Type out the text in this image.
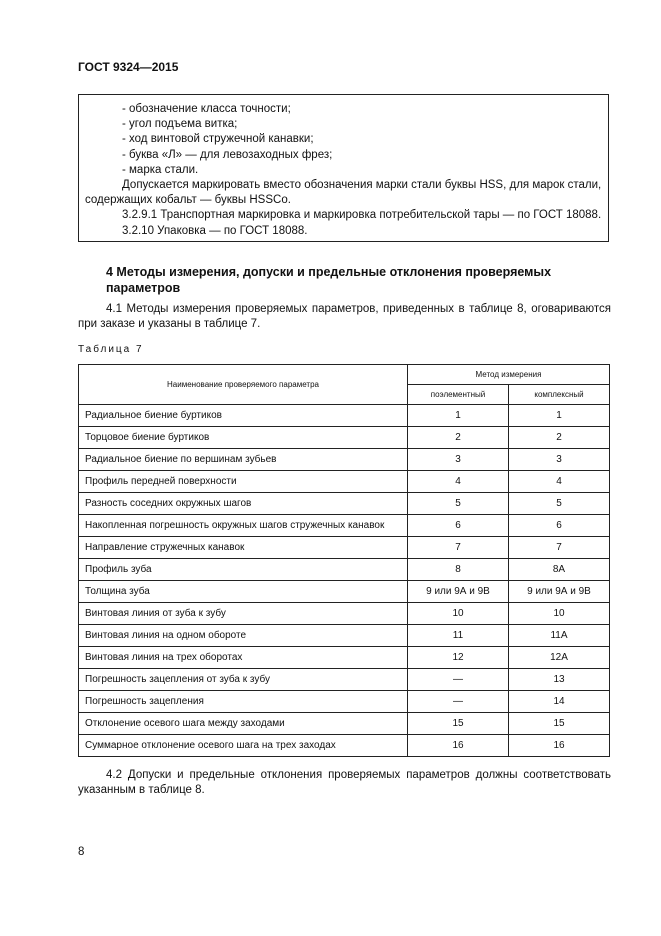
ГОСТ 9324—2015
- обозначение класса точности;
- угол подъема витка;
- ход винтовой стружечной канавки;
- буква «Л» — для левозаходных фрез;
- марка стали.
Допускается маркировать вместо обозначения марки стали буквы HSS, для марок стали, содержащих кобальт — буквы HSSCo.
3.2.9.1 Транспортная маркировка и маркировка потребительской тары — по ГОСТ 18088.
3.2.10 Упаковка — по ГОСТ 18088.
4 Методы измерения, допуски и предельные отклонения проверяемых параметров
4.1 Методы измерения проверяемых параметров, приведенных в таблице 8, оговариваются при заказе и указаны в таблице 7.
Таблица 7
Наименование проверяемого параметра	Метод измерения	
	поэлементный	комплексный
Радиальное биение буртиков	1	1
Торцовое биение буртиков	2	2
Радиальное биение по вершинам зубьев	3	3
Профиль передней поверхности	4	4
Разность соседних окружных шагов	5	5
Накопленная погрешность окружных шагов стружечных канавок	6	6
Направление стружечных канавок	7	7
Профиль зуба	8	8А
Толщина зуба	9 или 9А и 9В	9 или 9А и 9В
Винтовая линия от зуба к зубу	10	10
Винтовая линия на одном обороте	11	11А
Винтовая линия на трех оборотах	12	12А
Погрешность зацепления от зуба к зубу	—	13
Погрешность зацепления	—	14
Отклонение осевого шага между заходами	15	15
Суммарное отклонение осевого шага на трех заходах	16	16
4.2 Допуски и предельные отклонения проверяемых параметров должны соответствовать указанным в таблице 8.
8
